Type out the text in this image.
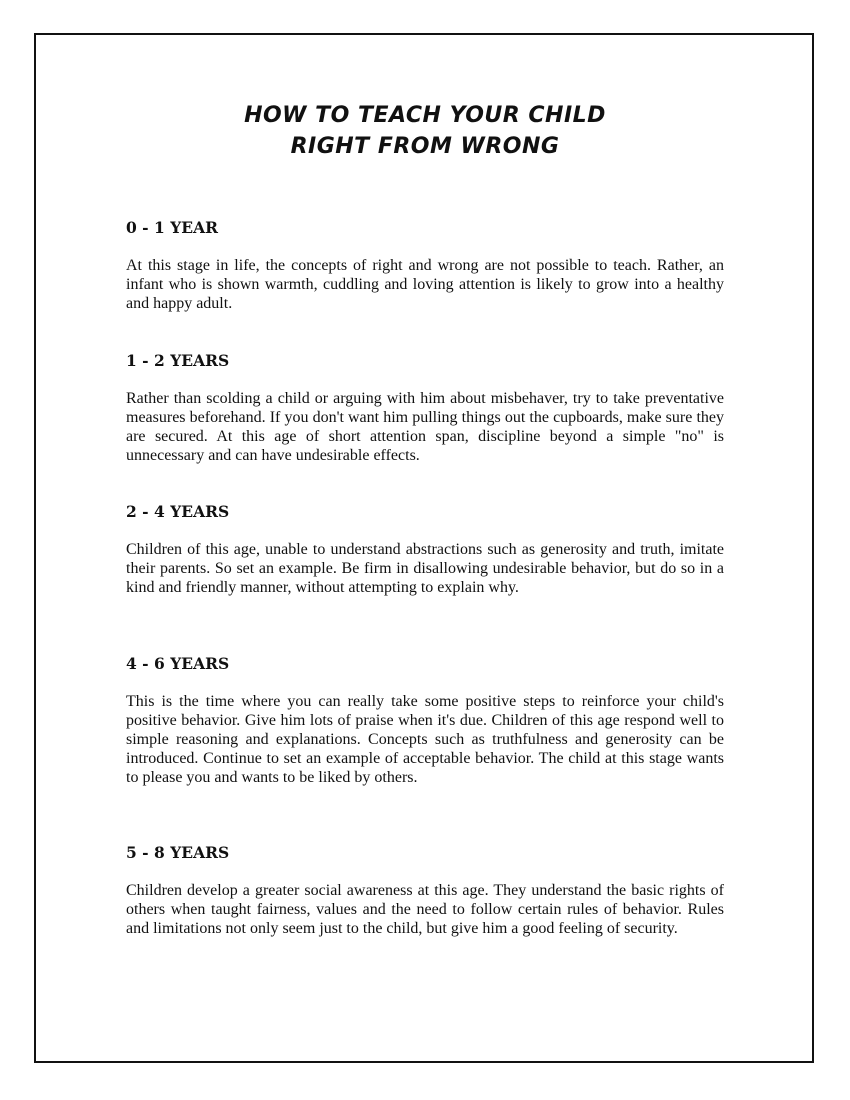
HOW TO TEACH YOUR CHILD
RIGHT FROM WRONG
0 - 1 YEAR

At this stage in life, the concepts of right and wrong are not possible to teach. Rather, an infant who is shown warmth, cuddling and loving attention is likely to grow into a healthy and happy adult.

1 - 2 YEARS

Rather than scolding a child or arguing with him about misbehaver, try to take preventative measures beforehand. If you don't want him pulling things out the cupboards, make sure they are secured. At this age of short attention span, discipline beyond a simple "no" is unnecessary and can have undesirable effects.

2 - 4 YEARS

Children of this age, unable to understand abstractions such as generosity and truth, imitate their parents. So set an example. Be firm in disallowing undesirable behavior, but do so in a kind and friendly manner, without attempting to explain why.

4 - 6 YEARS

This is the time where you can really take some positive steps to reinforce your child's positive behavior. Give him lots of praise when it's due. Children of this age respond well to simple reasoning and explanations. Concepts such as truthfulness and generosity can be introduced. Continue to set an example of acceptable behavior. The child at this stage wants to please you and wants to be liked by others.

5 - 8 YEARS

Children develop a greater social awareness at this age. They understand the basic rights of others when taught fairness, values and the need to follow certain rules of behavior. Rules and limitations not only seem just to the child, but give him a good feeling of security.
